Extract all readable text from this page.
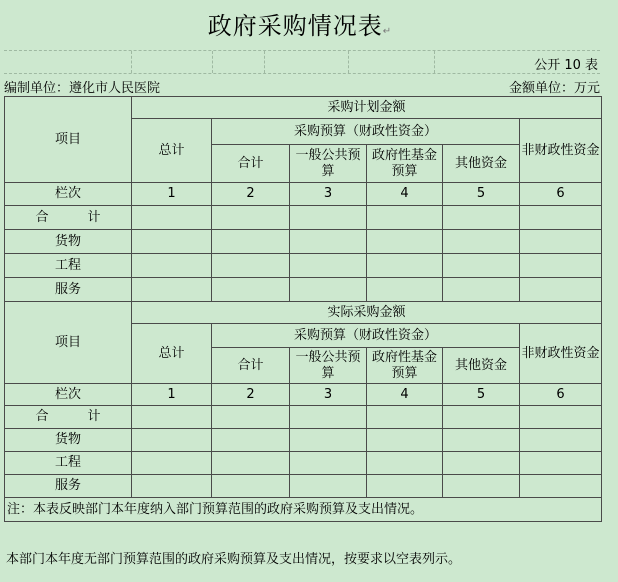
政府采购情况表↵
公开 10 表
编制单位：遵化市人民医院	金额单位：万元
项目	采购计划金额					
	总计	采购预算（财政性资金）				非财政性资金
		合计	一般公共预算	政府性基金预算	其他资金	
栏次	1	2	3	4	5	6
合　　　计						
货物						
工程						
服务						
项目	实际采购金额					
	总计	采购预算（财政性资金）				非财政性资金
		合计	一般公共预算	政府性基金预算	其他资金	
栏次	1	2	3	4	5	6
合　　　计						
货物						
工程						
服务						
注：本表反映部门本年度纳入部门预算范围的政府采购预算及支出情况。						
本部门本年度无部门预算范围的政府采购预算及支出情况，按要求以空表列示。
